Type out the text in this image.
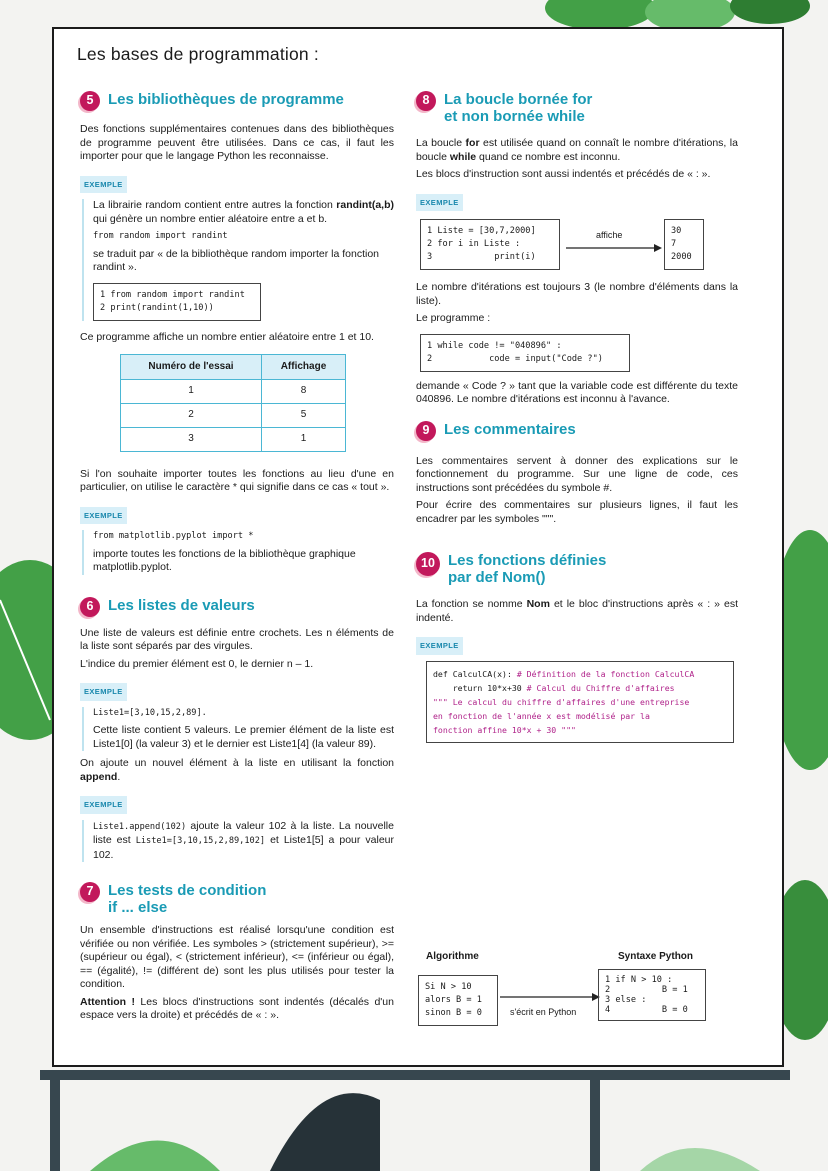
Les bases de programmation :
5 Les bibliothèques de programme

Des fonctions supplémentaires contenues dans des bibliothèques de programme peuvent être utilisées. Dans ce cas, il faut les importer pour que le langage Python les reconnaisse.

EXEMPLE

La librairie random contient entre autres la fonction randint(a,b) qui génère un nombre entier aléatoire entre a et b.

from random import randint

se traduit par « de la bibliothèque random importer la fonction randint ».

1 from random import randint
2 print(randint(1,10))

Ce programme affiche un nombre entier aléatoire entre 1 et 10.

Numéro de l'essai	Affichage
1	8
2	5
3	1

Si l'on souhaite importer toutes les fonctions au lieu d'une en particulier, on utilise le caractère * qui signifie dans ce cas « tout ».

EXEMPLE

from matplotlib.pyplot import *

importe toutes les fonctions de la bibliothèque graphique matplotlib.pyplot.

6 Les listes de valeurs

Une liste de valeurs est définie entre crochets. Les n éléments de la liste sont séparés par des virgules.

L'indice du premier élément est 0, le dernier n – 1.

EXEMPLE

Liste1=[3,10,15,2,89].

Cette liste contient 5 valeurs. Le premier élément de la liste est Liste1[0] (la valeur 3) et le dernier est Liste1[4] (la valeur 89).

On ajoute un nouvel élément à la liste en utilisant la fonction append.

EXEMPLE

Liste1.append(102) ajoute la valeur 102 à la liste. La nouvelle liste est Liste1=[3,10,15,2,89,102] et Liste1[5] a pour valeur 102.

7 Les tests de condition
if ... else

Un ensemble d'instructions est réalisé lorsqu'une condition est vérifiée ou non vérifiée. Les symboles > (strictement supérieur), >= (supérieur ou égal), < (strictement inférieur), <= (inférieur ou égal), == (égalité), != (différent de) sont les plus utilisés pour tester la condition.

Attention ! Les blocs d'instructions sont indentés (décalés d'un espace vers la droite) et précédés de « : ».

Algorithme	Syntaxe Python
Si N > 10
alors B = 1
sinon B = 0	s'écrit en Python
1 if N > 10 :
2          B = 1
3 else :
4          B = 0
8 La boucle bornée for
et non bornée while

La boucle for est utilisée quand on connaît le nombre d'itérations, la boucle while quand ce nombre est inconnu.

Les blocs d'instruction sont aussi indentés et précédés de « : ».

EXEMPLE
1 Liste = [30,7,2000]
2 for i in Liste :
3            print(i)
affiche	30
7
2000

Le nombre d'itérations est toujours 3 (le nombre d'éléments dans la liste).

Le programme :

1 while code != "040896" :
2           code = input("Code ?")

demande « Code ? » tant que la variable code est différente du texte 040896. Le nombre d'itérations est inconnu à l'avance.

9 Les commentaires

Les commentaires servent à donner des explications sur le fonctionnement du programme. Sur une ligne de code, ces instructions sont précédées du symbole #.

Pour écrire des commentaires sur plusieurs lignes, il faut les encadrer par les symboles """.

10 Les fonctions définies
par def Nom()

La fonction se nomme Nom et le bloc d'instructions après « : » est indenté.

EXEMPLE
def CalculCA(x): # Définition de la fonction CalculCA
return 10*x+30 # Calcul du Chiffre d'affaires
""" Le calcul du chiffre d'affaires d'une entreprise
en fonction de l'année x est modélisé par la
fonction affine 10*x + 30 """
